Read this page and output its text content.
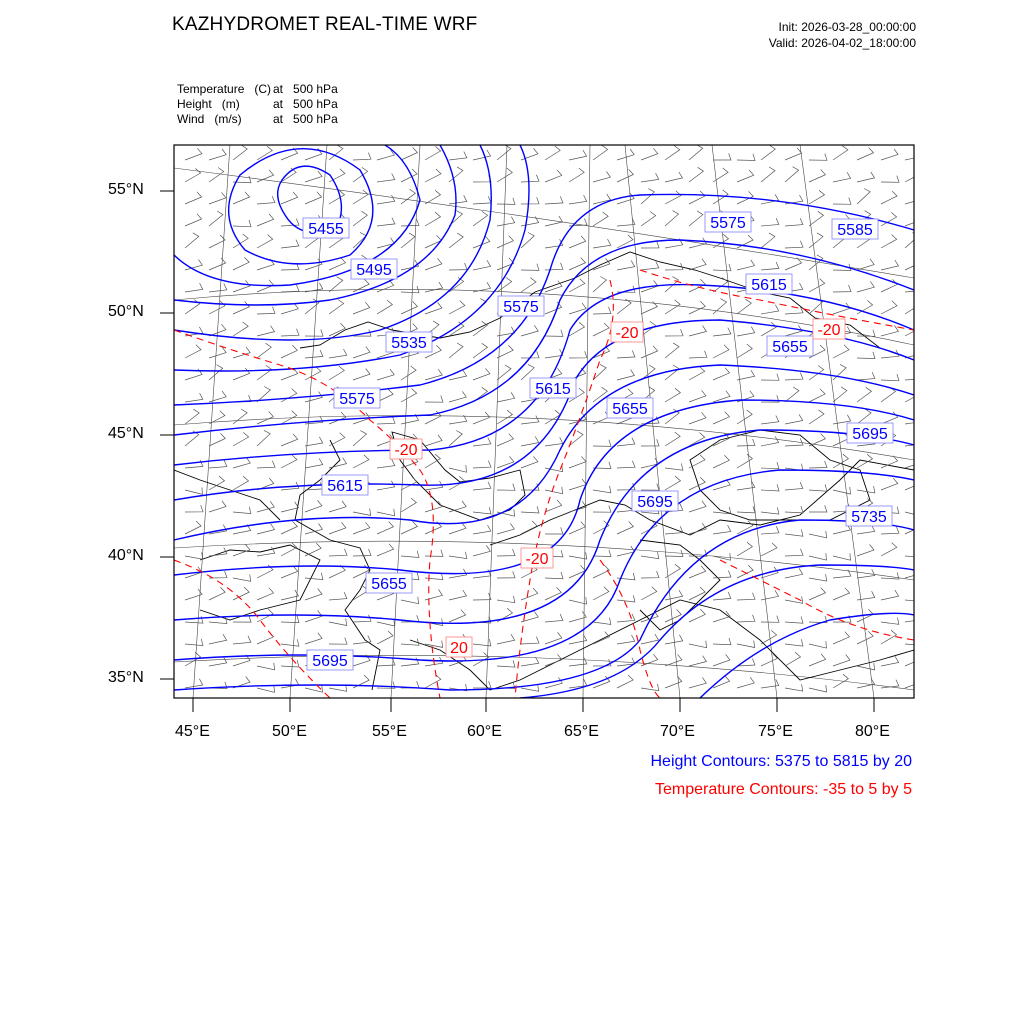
KAZHYDROMET REAL-TIME WRF	Init: 2026-03-28_00:00:00
Valid: 2026-04-02_18:00:00
Temperature (C) at 500 hPa
Height (m)	at 500 hPa
Wind (m/s)	at 500 hPa
5455
5495
5535
5575
5575
5575	5585
5615
5615
5615
5655
5655
5655
5695
5695
5695
5735
-20	-20
-20
-20
20
55°N
50°N
45°N
40°N
35°N
45°E	50°E	55°E	60°E	65°E	70°E	75°E	80°E
Height Contours: 5375 to 5815 by 20
Temperature Contours: -35 to 5 by 5
